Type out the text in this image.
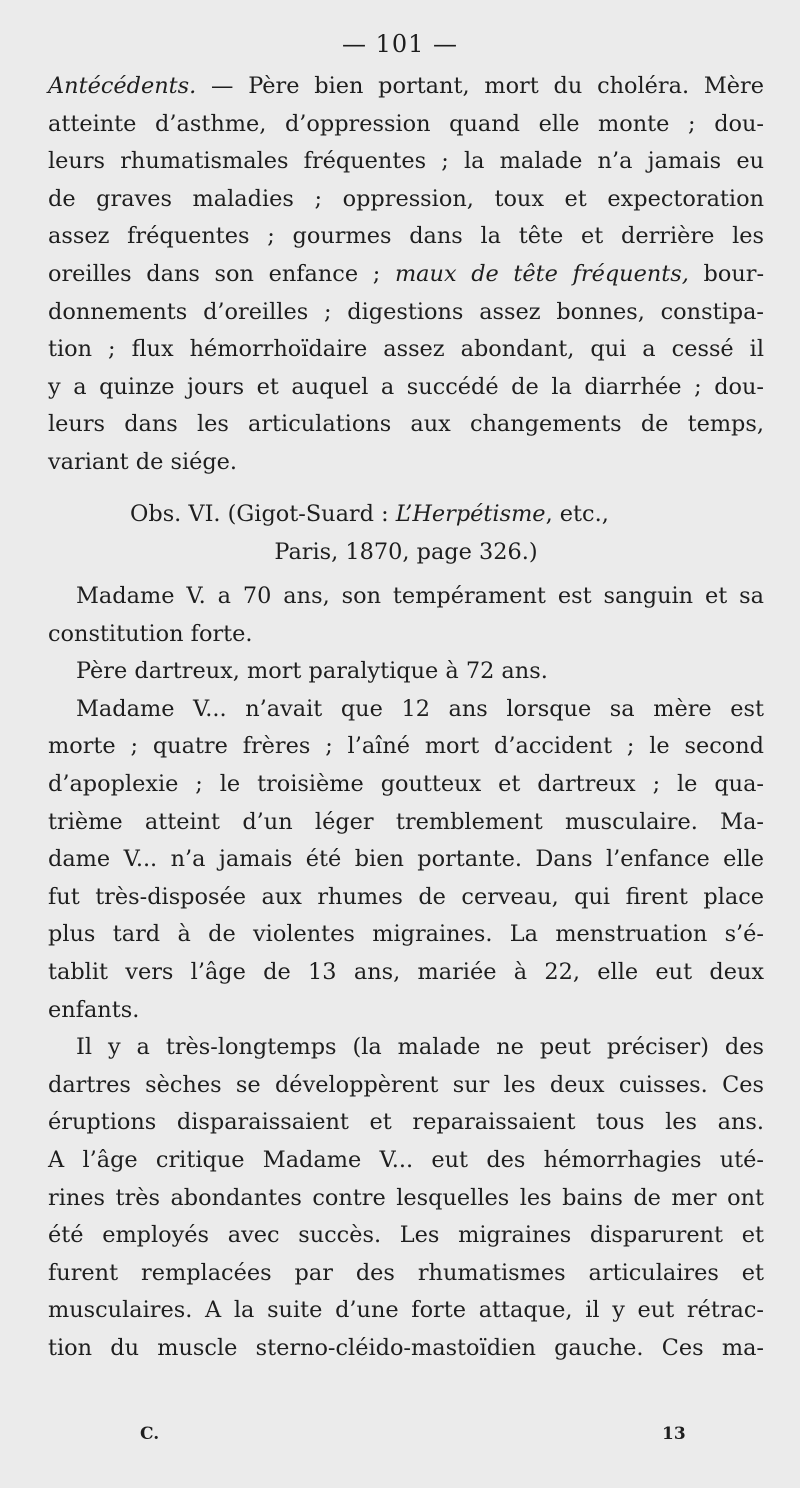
— 101 —
Antécédents. — Père bien portant, mort du choléra. Mère
atteinte d’asthme, d’oppression quand elle monte ; dou-
leurs rhumatismales fréquentes ; la malade n’a jamais eu
de graves maladies ; oppression, toux et expectoration
assez fréquentes ; gourmes dans la tête et derrière les
oreilles dans son enfance ; maux de tête fréquents, bour-
donnements d’oreilles ; digestions assez bonnes, constipa-
tion ; flux hémorrhoïdaire assez abondant, qui a cessé il
y a quinze jours et auquel a succédé de la diarrhée ; dou-
leurs dans les articulations aux changements de temps,
variant de siége.
Obs. VI. (Gigot-Suard : L’Herpétisme, etc.,
Paris, 1870, page 326.)
Madame V. a 70 ans, son tempérament est sanguin et sa
constitution forte.
Père dartreux, mort paralytique à 72 ans.
Madame V... n’avait que 12 ans lorsque sa mère est
morte ; quatre frères ; l’aîné mort d’accident ; le second
d’apoplexie ; le troisième goutteux et dartreux ; le qua-
trième atteint d’un léger tremblement musculaire. Ma-
dame V... n’a jamais été bien portante. Dans l’enfance elle
fut très-disposée aux rhumes de cerveau, qui firent place
plus tard à de violentes migraines. La menstruation s’é-
tablit vers l’âge de 13 ans, mariée à 22, elle eut deux
enfants.
Il y a très-longtemps (la malade ne peut préciser) des
dartres sèches se développèrent sur les deux cuisses. Ces
éruptions disparaissaient et reparaissaient tous les ans.
A l’âge critique Madame V... eut des hémorrhagies uté-
rines très abondantes contre lesquelles les bains de mer ont
été employés avec succès. Les migraines disparurent et
furent remplacées par des rhumatismes articulaires et
musculaires. A la suite d’une forte attaque, il y eut rétrac-
tion du muscle sterno-cléido-mastoïdien gauche. Ces ma-
C.	13
